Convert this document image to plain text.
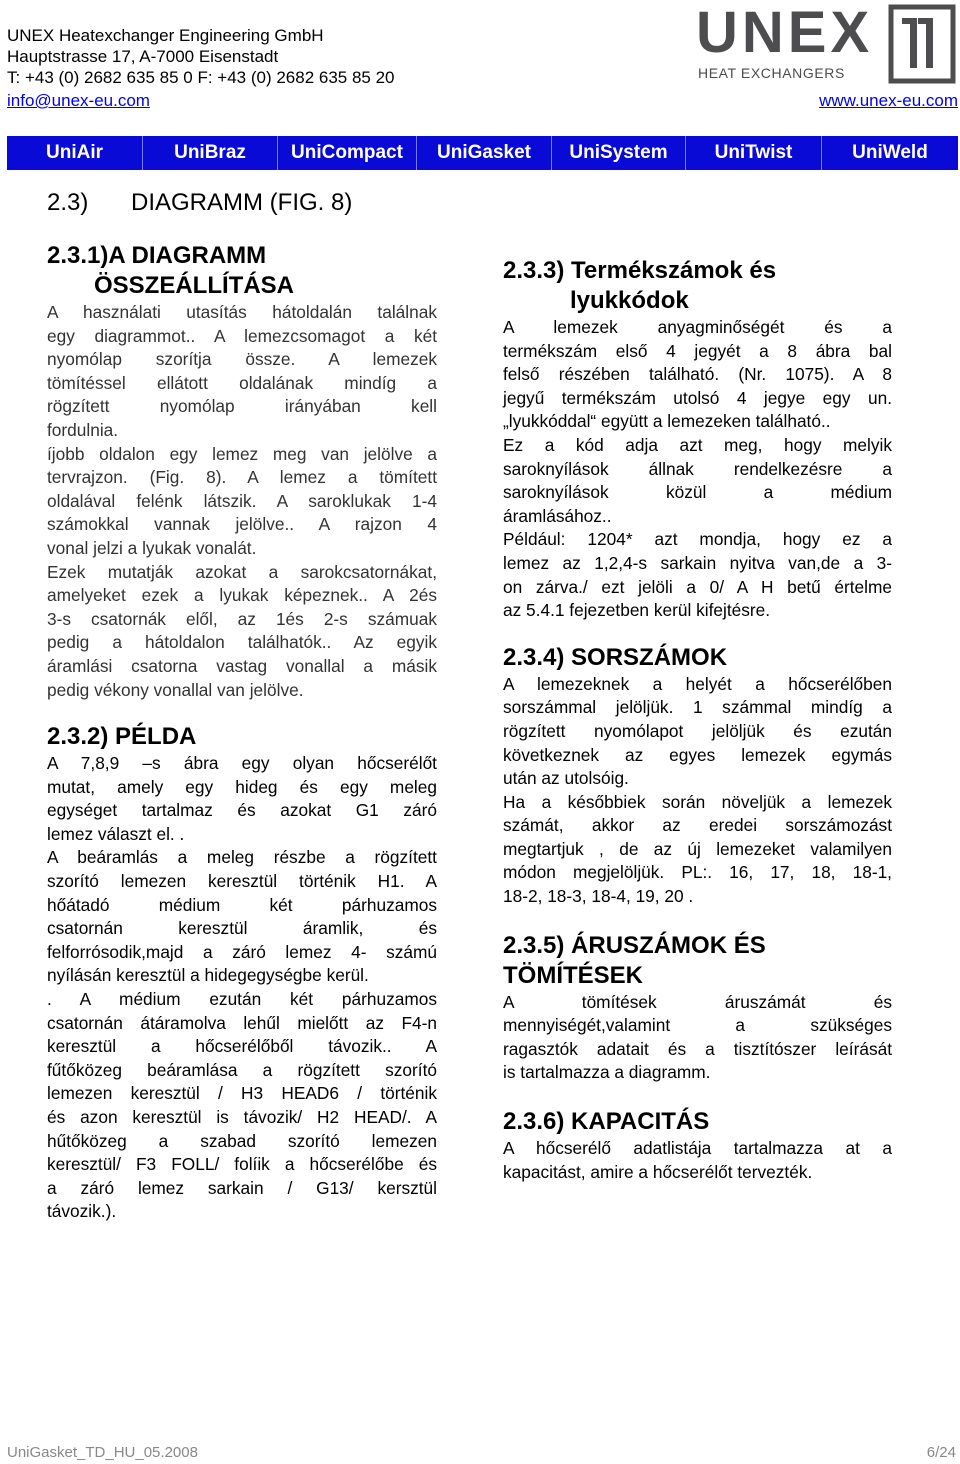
UNEX Heatexchanger Engineering GmbH
Hauptstrasse 17, A-7000 Eisenstadt
T: +43 (0) 2682 635 85 0 F: +43 (0) 2682 635 85 20
info@unex-eu.com
UNEX
HEAT EXCHANGERS
www.unex-eu.com
UniAir	UniBraz	UniCompact	UniGasket	UniSystem	UniTwist	UniWeld
2.3) DIAGRAMM (FIG. 8)
2.3.1)A DIAGRAMM
ÖSSZEÁLLÍTÁSA
A használati utasítás hátoldalán találnak
egy diagrammot.. A lemezcsomagot a két
nyomólap szorítja össze. A lemezek
tömítéssel ellátott oldalának mindíg a
rögzített nyomólap irányában kell
fordulnia.
íjobb oldalon egy lemez meg van jelölve a
tervrajzon. (Fig. 8). A lemez a tömített
oldalával felénk látszik. A saroklukak 1-4
számokkal vannak jelölve.. A rajzon 4
vonal jelzi a lyukak vonalát.
Ezek mutatják azokat a sarokcsatornákat,
amelyeket ezek a lyukak képeznek.. A 2és
3-s csatornák elől, az 1és 2-s számuak
pedig a hátoldalon találhatók.. Az egyik
áramlási csatorna vastag vonallal a másik
pedig vékony vonallal van jelölve.
2.3.2) PÉLDA
A 7,8,9 –s ábra egy olyan hőcserélőt
mutat, amely egy hideg és egy meleg
egységet tartalmaz és azokat G1 záró
lemez választ el. .
A beáramlás a meleg részbe a rögzített
szorító lemezen keresztül történik H1. A
hőátadó médium két párhuzamos
csatornán keresztül áramlik, és
felforrósodik,majd a záró lemez 4- számú
nyílásán keresztül a hidegegységbe kerül.
. A médium ezután két párhuzamos
csatornán átáramolva lehűl mielőtt az F4-n
keresztül a hőcserélőből távozik.. A
fűtőközeg beáramlása a rögzített szorító
lemezen keresztül / H3 HEAD6 / történik
és azon keresztül is távozik/ H2 HEAD/. A
hűtőközeg a szabad szorító lemezen
keresztül/ F3 FOLL/ folíik a hőcserélőbe és
a záró lemez sarkain / G13/ kersztül
távozik.).
2.3.3) Termékszámok és
lyukkódok
A lemezek anyagminőségét és a
termékszám első 4 jegyét a 8 ábra bal
felső részében található. (Nr. 1075). A 8
jegyű termékszám utolsó 4 jegye egy un.
„lyukkóddal“ együtt a lemezeken található..
Ez a kód adja azt meg, hogy melyik
saroknyílások állnak rendelkezésre a
saroknyílások közül a médium
áramlásához..
Például: 1204* azt mondja, hogy ez a
lemez az 1,2,4-s sarkain nyitva van,de a 3-
on zárva./ ezt jelöli a 0/ A H betű értelme
az 5.4.1 fejezetben kerül kifejtésre.
2.3.4) SORSZÁMOK
A lemezeknek a helyét a hőcserélőben
sorszámmal jelöljük. 1 számmal mindíg a
rögzített nyomólapot jelöljük és ezután
következnek az egyes lemezek egymás
után az utolsóig.
Ha a későbbiek során növeljük a lemezek
számát, akkor az eredei sorszámozást
megtartjuk , de az új lemezeket valamilyen
módon megjelöljük. PL:. 16, 17, 18, 18-1,
18-2, 18-3, 18-4, 19, 20 .
2.3.5) ÁRUSZÁMOK ÉS
TÖMÍTÉSEK
A tömítések áruszámát és
mennyiségét,valamint a szükséges
ragasztók adatait és a tisztítószer leírását
is tartalmazza a diagramm.
2.3.6) KAPACITÁS
A hőcserélő adatlistája tartalmazza at a
kapacitást, amire a hőcserélőt tervezték.
UniGasket_TD_HU_05.2008	6/24
